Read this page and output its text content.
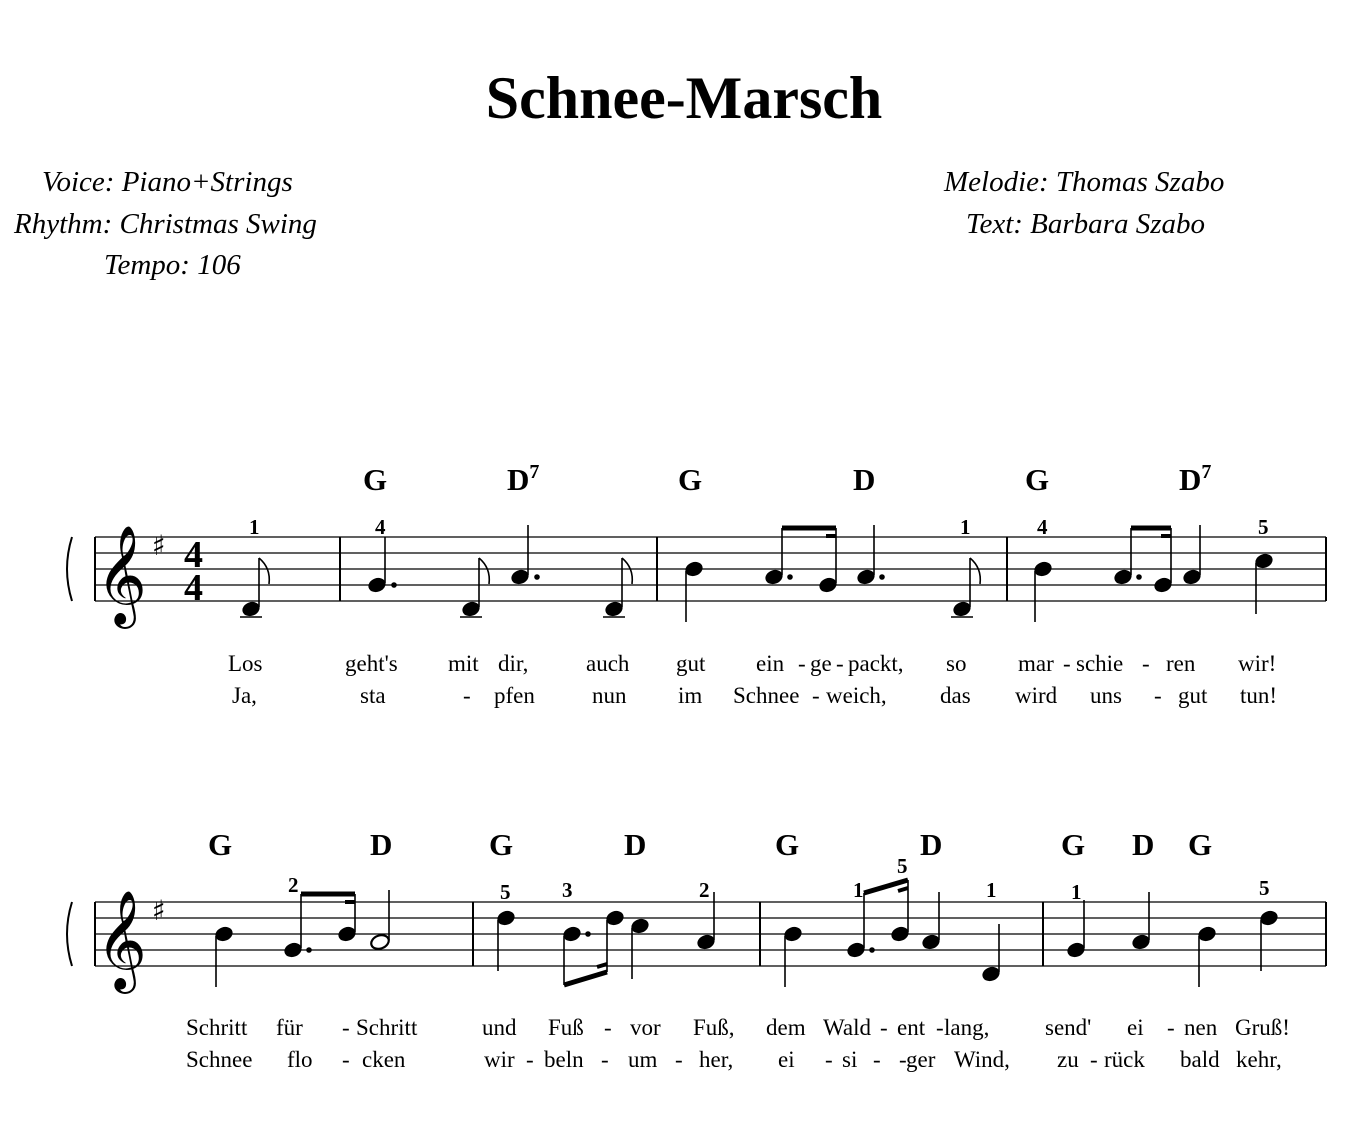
Schnee-Marsch
Voice: Piano+Strings
Rhythm: Christmas Swing
Tempo: 106
Melodie: Thomas Szabo
Text: Barbara Szabo
𝄞
𝄞
♯
♯
4
4
G	$D^7$	G	D	G	$D^7$
1	4	1	4	5
Los	geht's mit dir,	auch gut ein - ge - packt, so mar - schie - ren wir!
Ja,	sta	- pfen nun im Schnee - weich, das wird uns - gut tun!
G	D	G	D	G	D	G D G
2	5 3	2	1
5
1	1	5
Schritt für - Schritt	und Fuß - vor Fuß, dem Wald - ent - lang, send' ei - nen Gruß!
Schnee flo - cken	wir - beln - um - her, ei - si - - ger Wind, zu - rück bald kehr,
